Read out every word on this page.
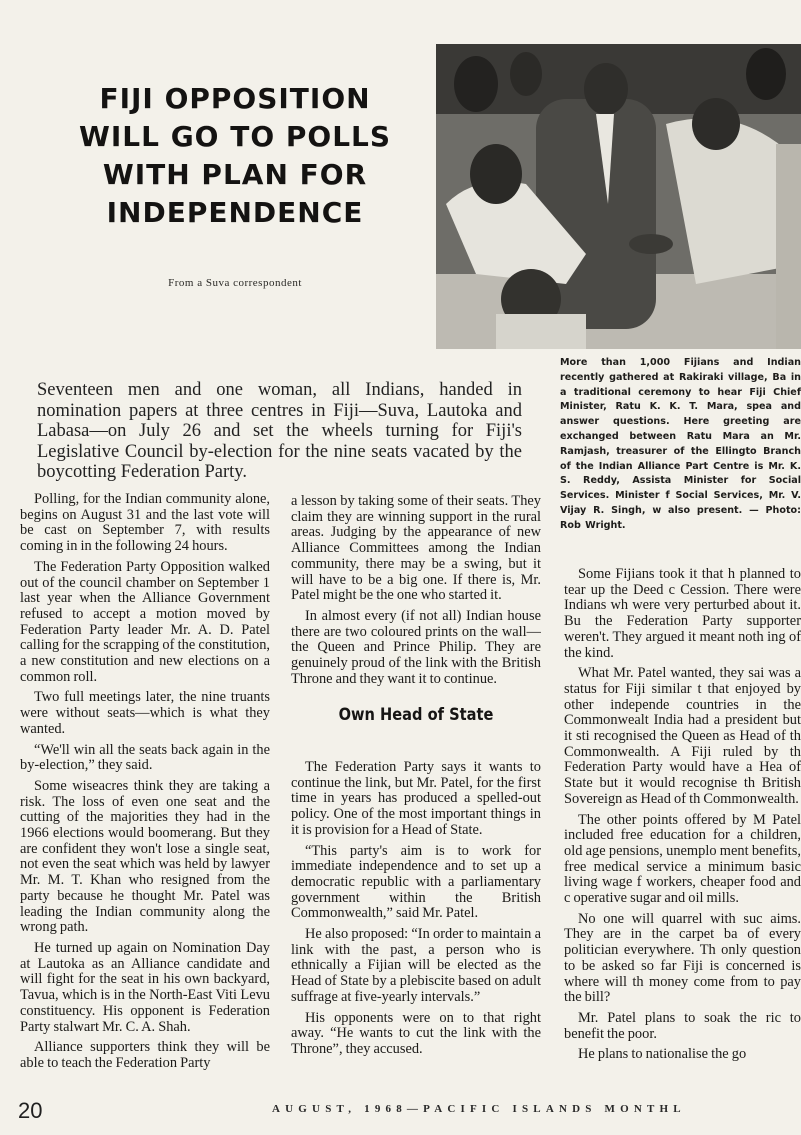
FIJI OPPOSITION
WILL GO TO POLLS
WITH PLAN FOR
INDEPENDENCE
From a Suva correspondent
More than 1,000 Fijians and Indian recently gathered at Rakiraki village, Ba in a traditional ceremony to hear Fiji Chief Minister, Ratu K. K. T. Mara, spea and answer questions. Here greeting are exchanged between Ratu Mara an Mr. Ramjash, treasurer of the Ellingto Branch of the Indian Alliance Part Centre is Mr. K. S. Reddy, Assista Minister for Social Services. Minister f Social Services, Mr. V. Vijay R. Singh, w also present. — Photo: Rob Wright.
Seventeen men and one woman, all Indians, handed in nomination papers at three centres in Fiji—Suva, Lautoka and Labasa—on July 26 and set the wheels turning for Fiji's Legislative Council by-election for the nine seats vacated by the boycotting Federation Party.

Polling, for the Indian community alone, begins on August 31 and the last vote will be cast on September 7, with results coming in in the following 24 hours.

The Federation Party Opposition walked out of the council chamber on September 1 last year when the Alliance Government refused to accept a motion moved by Federation Party leader Mr. A. D. Patel calling for the scrapping of the constitution, a new constitution and new elections on a common roll.

Two full meetings later, the nine truants were without seats—which is what they wanted.

“We'll win all the seats back again in the by-election,” they said.

Some wiseacres think they are taking a risk. The loss of even one seat and the cutting of the majorities they had in the 1966 elections would boomerang. But they are confident they won't lose a single seat, not even the seat which was held by lawyer Mr. M. T. Khan who resigned from the party because he thought Mr. Patel was leading the Indian community along the wrong path.

He turned up again on Nomination Day at Lautoka as an Alliance candidate and will fight for the seat in his own backyard, Tavua, which is in the North-East Viti Levu constituency. His opponent is Federation Party stalwart Mr. C. A. Shah.

Alliance supporters think they will be able to teach the Federation Party

a lesson by taking some of their seats. They claim they are winning support in the rural areas. Judging by the appearance of new Alliance Committees among the Indian community, there may be a swing, but it will have to be a big one. If there is, Mr. Patel might be the one who started it.

In almost every (if not all) Indian house there are two coloured prints on the wall—the Queen and Prince Philip. They are genuinely proud of the link with the British Throne and they want it to continue.

Own Head of State

The Federation Party says it wants to continue the link, but Mr. Patel, for the first time in years has produced a spelled-out policy. One of the most important things in it is provision for a Head of State.

“This party's aim is to work for immediate independence and to set up a democratic republic with a parliamentary government within the British Commonwealth,” said Mr. Patel.

He also proposed: “In order to maintain a link with the past, a person who is ethnically a Fijian will be elected as the Head of State by a plebiscite based on adult suffrage at five-yearly intervals.”

His opponents were on to that right away. “He wants to cut the link with the Throne”, they accused.

Some Fijians took it that h planned to tear up the Deed c Cession. There were Indians wh were very perturbed about it. Bu the Federation Party supporter weren't. They argued it meant noth ing of the kind.

What Mr. Patel wanted, they sai was a status for Fiji similar t that enjoyed by other independe countries in the Commonwealt India had a president but it sti recognised the Queen as Head of th Commonwealth. A Fiji ruled by th Federation Party would have a Hea of State but it would recognise th British Sovereign as Head of th Commonwealth.

The other points offered by M Patel included free education for a children, old age pensions, unemplo ment benefits, free medical service a minimum basic living wage f workers, cheaper food and c operative sugar and oil mills.

No one will quarrel with suc aims. They are in the carpet ba of every politician everywhere. Th only question to be asked so far Fiji is concerned is where will th money come from to pay the bill?

Mr. Patel plans to soak the ric to benefit the poor.

He plans to nationalise the go

20	AUGUST, 1968—PACIFIC ISLANDS MONTHL
